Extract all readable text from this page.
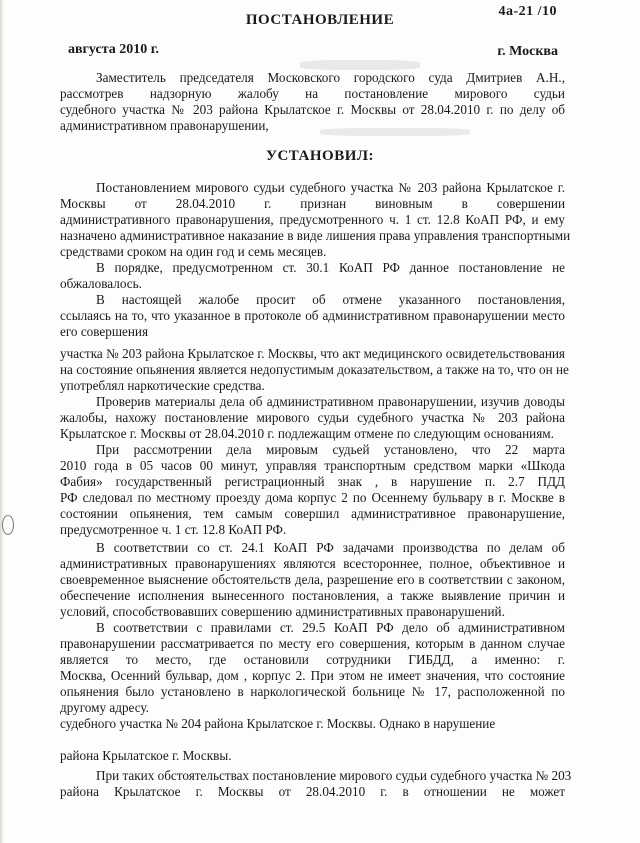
4а-21 /10
ПОСТАНОВЛЕНИЕ
августа 2010 г.	г. Москва
Заместитель председателя Московского городского суда Дмитриев А.Н.,
рассмотрев надзорную жалобу на постановление мирового судьи
судебного участка № 203 района Крылатское г. Москвы от 28.04.2010 г. по делу об
административном правонарушении,
УСТАНОВИЛ:
Постановлением мирового судьи судебного участка № 203 района Крылатское г.
Москвы от 28.04.2010 г. признан виновным в совершении
административного правонарушения, предусмотренного ч. 1 ст. 12.8 КоАП РФ, и ему
назначено административное наказание в виде лишения права управления транспортными
средствами сроком на один год и семь месяцев.
В порядке, предусмотренном ст. 30.1 КоАП РФ данное постановление не
обжаловалось.
В настоящей жалобе просит об отмене указанного постановления,
ссылаясь на то, что указанное в протоколе об административном правонарушении место
его совершения
участка № 203 района Крылатское г. Москвы, что акт медицинского освидетельствования
на состояние опьянения является недопустимым доказательством, а также на то, что он не
употреблял наркотические средства.
Проверив материалы дела об административном правонарушении, изучив доводы
жалобы, нахожу постановление мирового судьи судебного участка № 203 района
Крылатское г. Москвы от 28.04.2010 г. подлежащим отмене по следующим основаниям.
При рассмотрении дела мировым судьей установлено, что 22 марта
2010 года в 05 часов 00 минут, управляя транспортным средством марки «Шкода
Фабия» государственный регистрационный знак , в нарушение п. 2.7 ПДД
РФ следовал по местному проезду дома корпус 2 по Осеннему бульвару в г. Москве в
состоянии опьянения, тем самым совершил административное правонарушение,
предусмотренное ч. 1 ст. 12.8 КоАП РФ.
В соответствии со ст. 24.1 КоАП РФ задачами производства по делам об
административных правонарушениях являются всестороннее, полное, объективное и
своевременное выяснение обстоятельств дела, разрешение его в соответствии с законом,
обеспечение исполнения вынесенного постановления, а также выявление причин и
условий, способствовавших совершению административных правонарушений.
В соответствии с правилами ст. 29.5 КоАП РФ дело об административном
правонарушении рассматривается по месту его совершения, которым в данном случае
является то место, где остановили сотрудники ГИБДД, а именно: г.
Москва, Осенний бульвар, дом , корпус 2. При этом не имеет значения, что состояние
опьянения было установлено в наркологической больнице № 17, расположенной по
другому адресу.
судебного участка № 204 района Крылатское г. Москвы. Однако в нарушение
района Крылатское г. Москвы.
При таких обстоятельствах постановление мирового судьи судебного участка № 203
района Крылатское г. Москвы от 28.04.2010 г. в отношении не может
